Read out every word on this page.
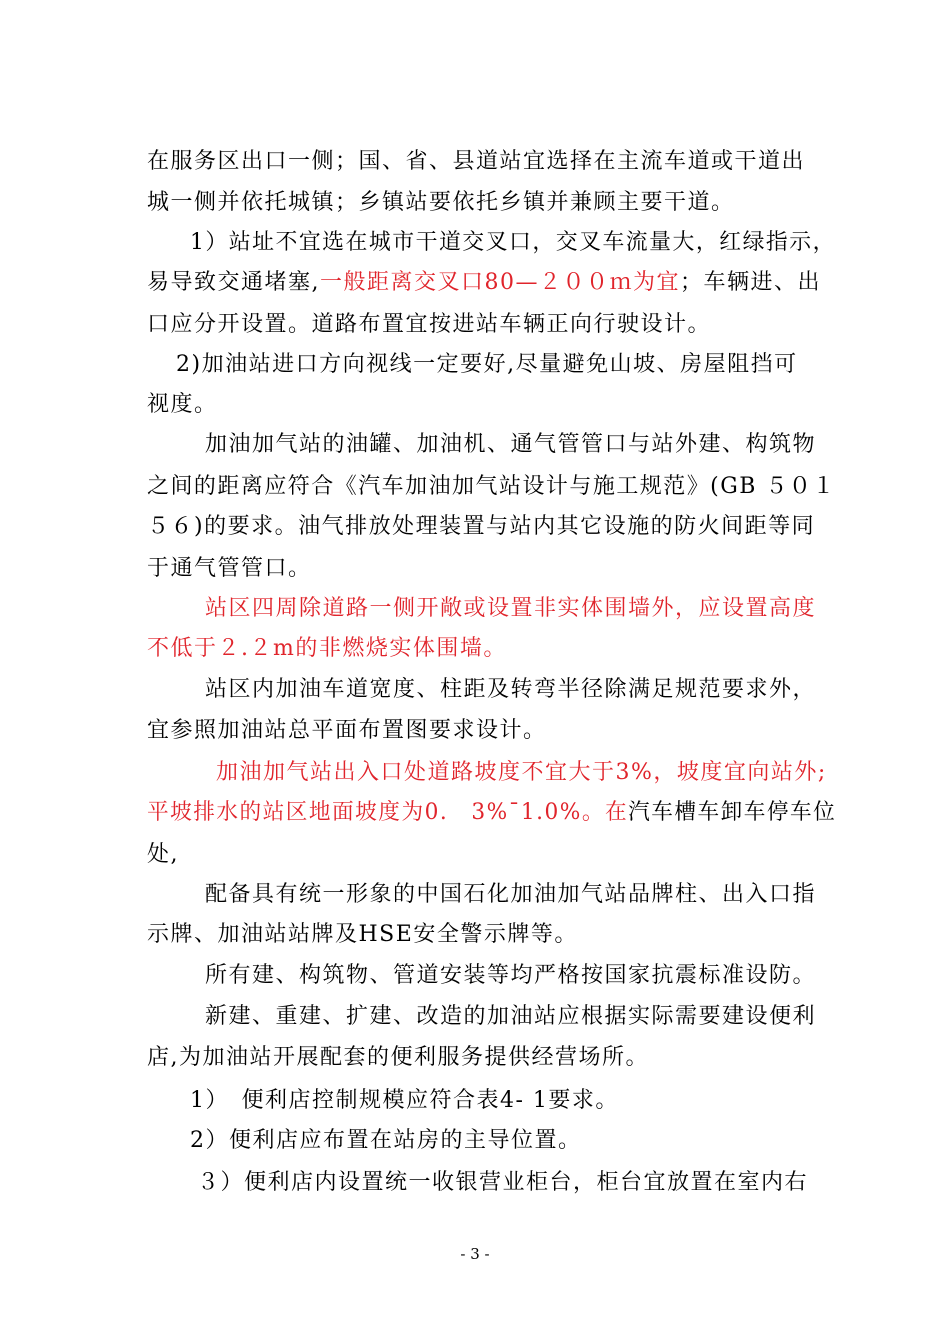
在服务区出口一侧；国、省、县道站宜选择在主流车道或干道出
城一侧并依托城镇；乡镇站要依托乡镇并兼顾主要干道。
1）站址不宜选在城市干道交叉口，交叉车流量大，红绿指示，
易导致交通堵塞,一般距离交叉口80—２００ｍ为宜；车辆进、出
口应分开设置。道路布置宜按进站车辆正向行驶设计。
2)加油站进口方向视线一定要好,尽量避免山坡、房屋阻挡可
视度。
加油加气站的油罐、加油机、通气管管口与站外建、构筑物
之间的距离应符合《汽车加油加气站设计与施工规范》(GB ５０１
５６)的要求。油气排放处理装置与站内其它设施的防火间距等同
于通气管管口。
站区四周除道路一侧开敞或设置非实体围墙外，应设置高度
不低于２.２m的非燃烧实体围墙。
站区内加油车道宽度、柱距及转弯半径除满足规范要求外，
宜参照加油站总平面布置图要求设计。
加油加气站出入口处道路坡度不宜大于3%，坡度宜向站外;
平坡排水的站区地面坡度为0.　3%¯1.0%。在汽车槽车卸车停车位
处,
配备具有统一形象的中国石化加油加气站品牌柱、出入口指
示牌、加油站站牌及HSE安全警示牌等。
所有建、构筑物、管道安装等均严格按国家抗震标准设防。
新建、重建、扩建、改造的加油站应根据实际需要建设便利
店,为加油站开展配套的便利服务提供经营场所。
1）　便利店控制规模应符合表4- 1要求。
2）便利店应布置在站房的主导位置。
３）便利店内设置统一收银营业柜台，柜台宜放置在室内右
- 3 -
